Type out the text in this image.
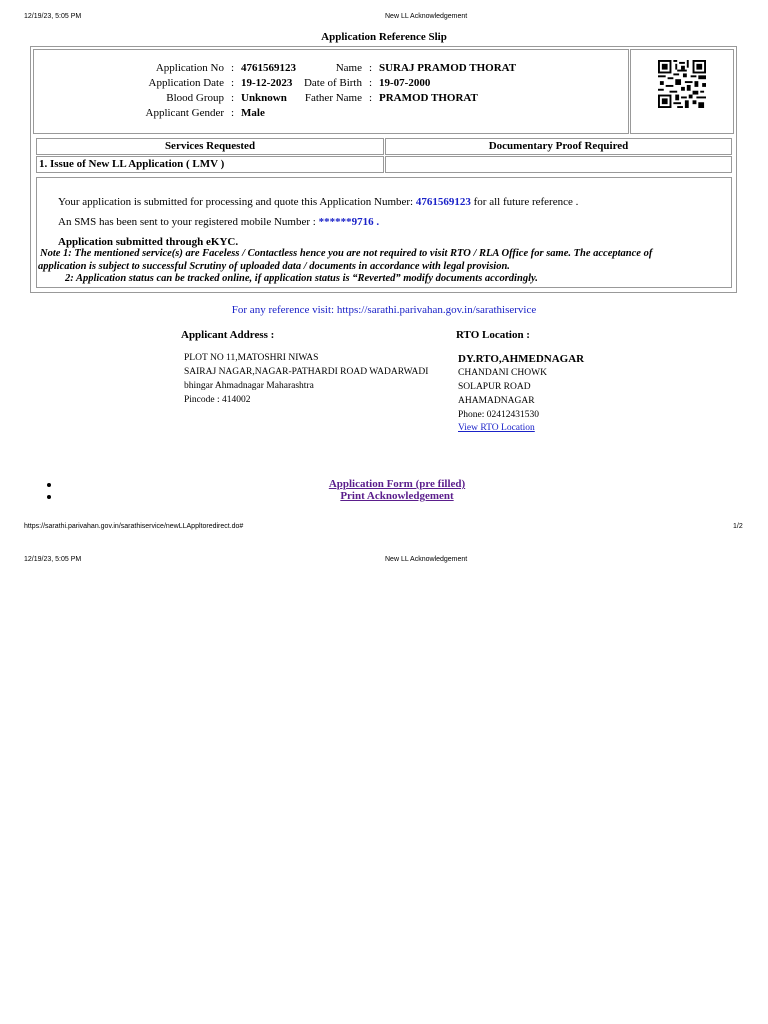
12/19/23, 5:05 PM	New LL Acknowledgement
Application Reference Slip
Application No : 4761569123	Name : SURAJ PRAMOD THORAT
Application Date : 19-12-2023 Date of Birth : 19-07-2000
Blood Group : Unknown Father Name : PRAMOD THORAT
Applicant Gender : Male
Services Requested	Documentary Proof Required
1. Issue of New LL Application ( LMV )
Your application is submitted for processing and quote this Application Number: 4761569123 for all future reference .
An SMS has been sent to your registered mobile Number : ******9716 .
Application submitted through eKYC.
Note 1: The mentioned service(s) are Faceless / Contactless hence you are not required to visit RTO / RLA Office for same. The acceptance of
application is subject to successful Scrutiny of uploaded data / documents in accordance with legal provision.
2: Application status can be tracked online, if application status is “Reverted” modify documents accordingly.
For any reference visit: https://sarathi.parivahan.gov.in/sarathiservice
Applicant Address :
PLOT NO 11,MATOSHRI NIWAS
SAIRAJ NAGAR,NAGAR-PATHARDI ROAD WADARWADI
bhingar Ahmadnagar Maharashtra
Pincode : 414002
RTO Location :
DY.RTO,AHMEDNAGAR
CHANDANI CHOWK
SOLAPUR ROAD
AHAMADNAGAR
Phone: 02412431530
View RTO Location
Application Form (pre filled)
Print Acknowledgement
https://sarathi.parivahan.gov.in/sarathiservice/newLLAppltoredirect.do#	1/2
12/19/23, 5:05 PM	New LL Acknowledgement
